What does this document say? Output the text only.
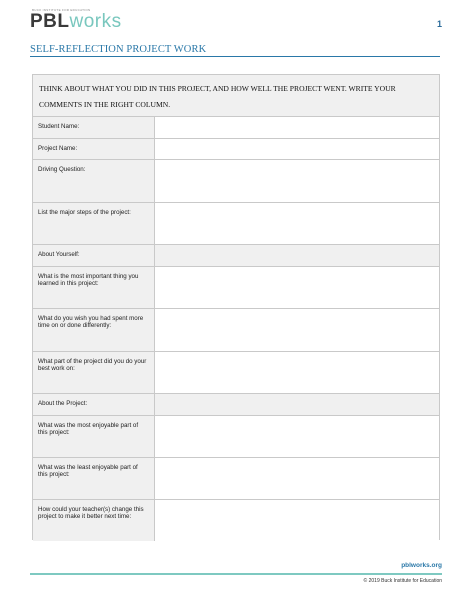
BUCK INSTITUTE FOR EDUCATION
PBLworks	1
SELF-REFLECTION PROJECT WORK
THINK ABOUT WHAT YOU DID IN THIS PROJECT, AND HOW WELL THE PROJECT WENT. WRITE YOUR COMMENTS IN THE RIGHT COLUMN.
Student Name:
Project Name:
Driving Question:
List the major steps of the project:
About Yourself:
What is the most important thing you learned in this project:
What do you wish you had spent more time on or done differently:
What part of the project did you do your best work on:
About the Project:
What was the most enjoyable part of this project:
What was the least enjoyable part of this project:
How could your teacher(s) change this project to make it better next time:
pblworks.org
© 2019 Buck Institute for Education
